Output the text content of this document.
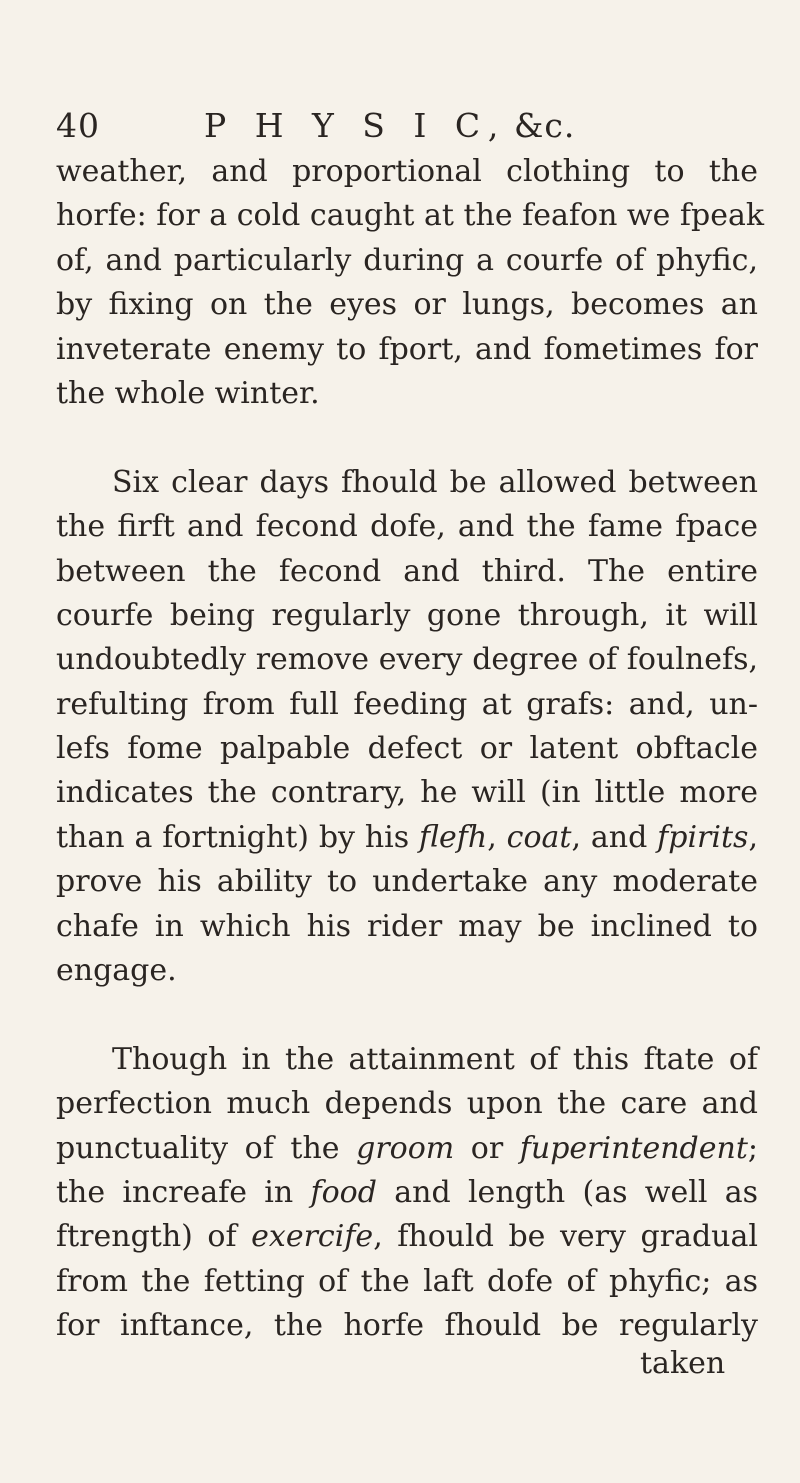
40	P H Y S I C, &c.
weather, and proportional clothing to the
horfe: for a cold caught at the feafon we fpeak
of, and particularly during a courfe of phyfic,
by fixing on the eyes or lungs, becomes an
inveterate enemy to fport, and fometimes for
the whole winter.
Six clear days fhould be allowed between
the firft and fecond dofe, and the fame fpace
between the fecond and third. The entire
courfe being regularly gone through, it will
undoubtedly remove every degree of foulnefs,
refulting from full feeding at grafs: and, un-
lefs fome palpable defect or latent obftacle
indicates the contrary, he will (in little more
than a fortnight) by his flefh, coat, and fpirits,
prove his ability to undertake any moderate
chafe in which his rider may be inclined to
engage.
Though in the attainment of this ftate of
perfection much depends upon the care and
punctuality of the groom or fuperintendent;
the increafe in food and length (as well as
ftrength) of exercife, fhould be very gradual
from the fetting of the laft dofe of phyfic; as
for inftance, the horfe fhould be regularly
taken
